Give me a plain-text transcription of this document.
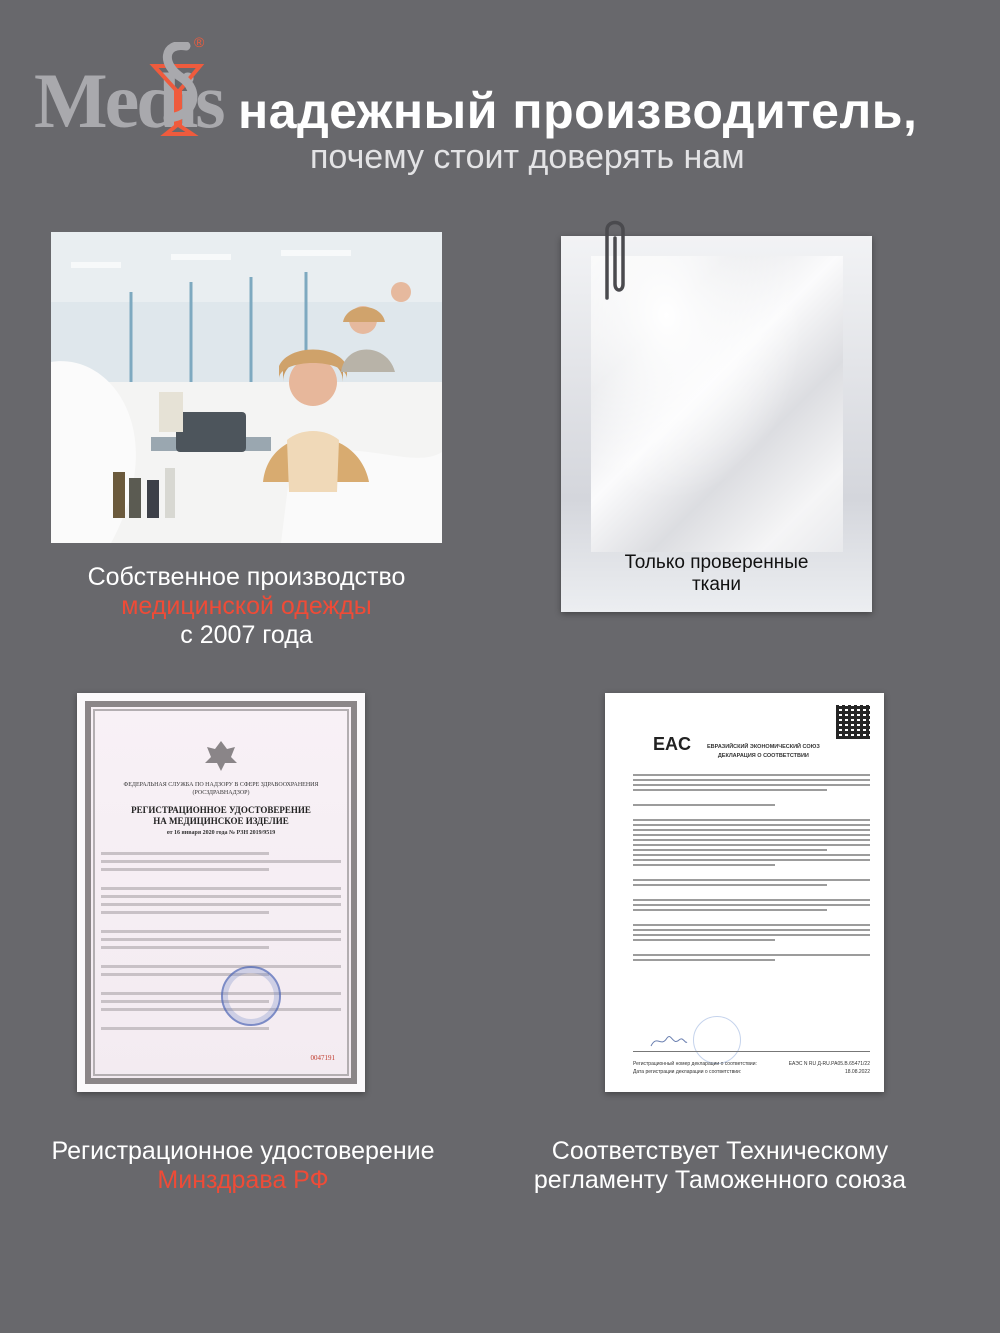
Medis
®
надежный производитель,
почему стоит доверять нам
Собственное производство
медицинской одежды
с 2007 года
Только проверенные
ткани
ФЕДЕРАЛЬНАЯ СЛУЖБА ПО НАДЗОРУ В СФЕРЕ ЗДРАВООХРАНЕНИЯ (РОСЗДРАВНАДЗОР)
РЕГИСТРАЦИОННОЕ УДОСТОВЕРЕНИЕ
НА МЕДИЦИНСКОЕ ИЗДЕЛИЕ
от 16 января 2020 года № РЗН 2019/9519
0047191
Регистрационное удостоверение
Минздрава РФ
EAC	ЕВРАЗИЙСКИЙ ЭКОНОМИЧЕСКИЙ СОЮЗ
ДЕКЛАРАЦИЯ О СООТВЕТСТВИИ
Регистрационный номер декларации о соответствии:	ЕАЭС N RU Д-RU.РА05.В.65471/22
Дата регистрации декларации о соответствии:	18.08.2022
Соответствует Техническому
регламенту Таможенного союза
